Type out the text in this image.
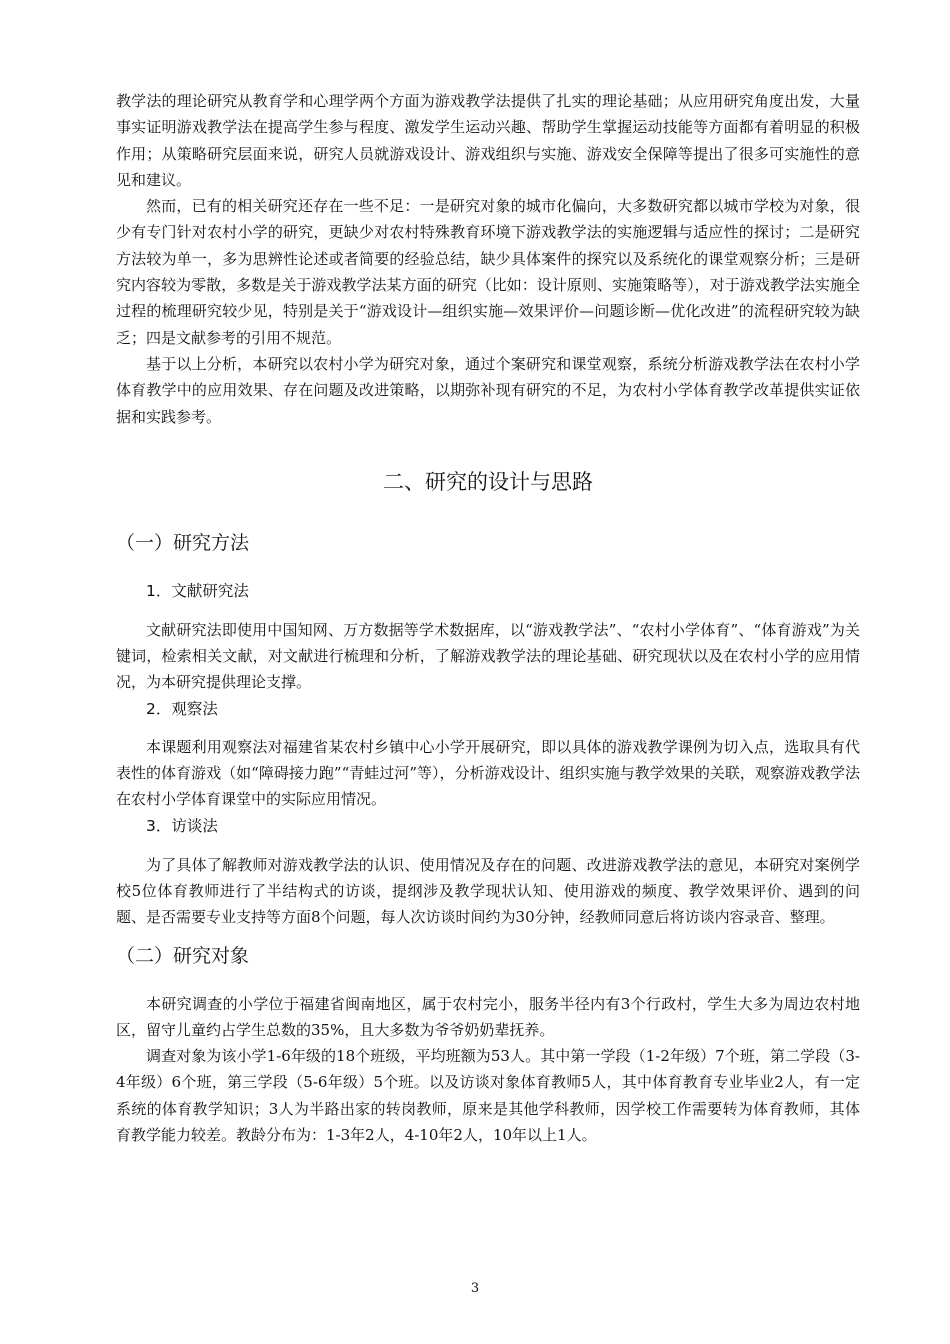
教学法的理论研究从教育学和心理学两个方面为游戏教学法提供了扎实的理论基础；从应用研究角度出发，大量事实证明游戏教学法在提高学生参与程度、激发学生运动兴趣、帮助学生掌握运动技能等方面都有着明显的积极作用；从策略研究层面来说，研究人员就游戏设计、游戏组织与实施、游戏安全保障等提出了很多可实施性的意见和建议。

然而，已有的相关研究还存在一些不足：一是研究对象的城市化偏向，大多数研究都以城市学校为对象，很少有专门针对农村小学的研究，更缺少对农村特殊教育环境下游戏教学法的实施逻辑与适应性的探讨；二是研究方法较为单一，多为思辨性论述或者简要的经验总结，缺少具体案件的探究以及系统化的课堂观察分析；三是研究内容较为零散，多数是关于游戏教学法某方面的研究（比如：设计原则、实施策略等），对于游戏教学法实施全过程的梳理研究较少见，特别是关于“游戏设计—组织实施—效果评价—问题诊断—优化改进”的流程研究较为缺乏；四是文献参考的引用不规范。

基于以上分析，本研究以农村小学为研究对象，通过个案研究和课堂观察，系统分析游戏教学法在农村小学体育教学中的应用效果、存在问题及改进策略，以期弥补现有研究的不足，为农村小学体育教学改革提供实证依据和实践参考。

二、研究的设计与思路
（一）研究方法
1．文献研究法

文献研究法即使用中国知网、万方数据等学术数据库，以“游戏教学法”、“农村小学体育”、“体育游戏”为关键词，检索相关文献，对文献进行梳理和分析，了解游戏教学法的理论基础、研究现状以及在农村小学的应用情况，为本研究提供理论支撑。

2．观察法

本课题利用观察法对福建省某农村乡镇中心小学开展研究，即以具体的游戏教学课例为切入点，选取具有代表性的体育游戏（如“障碍接力跑”“青蛙过河”等），分析游戏设计、组织实施与教学效果的关联，观察游戏教学法在农村小学体育课堂中的实际应用情况。

3．访谈法

为了具体了解教师对游戏教学法的认识、使用情况及存在的问题、改进游戏教学法的意见，本研究对案例学校5位体育教师进行了半结构式的访谈，提纲涉及教学现状认知、使用游戏的频度、教学效果评价、遇到的问题、是否需要专业支持等方面8个问题，每人次访谈时间约为30分钟，经教师同意后将访谈内容录音、整理。

（二）研究对象

本研究调查的小学位于福建省闽南地区，属于农村完小，服务半径内有3个行政村，学生大多为周边农村地区，留守儿童约占学生总数的35%，且大多数为爷爷奶奶辈抚养。

调查对象为该小学1-6年级的18个班级，平均班额为53人。其中第一学段（1-2年级）7个班，第二学段（3-4年级）6个班，第三学段（5-6年级）5个班。以及访谈对象体育教师5人，其中体育教育专业毕业2人，有一定系统的体育教学知识；3人为半路出家的转岗教师，原来是其他学科教师，因学校工作需要转为体育教师，其体育教学能力较差。教龄分布为：1-3年2人，4-10年2人，10年以上1人。

3
